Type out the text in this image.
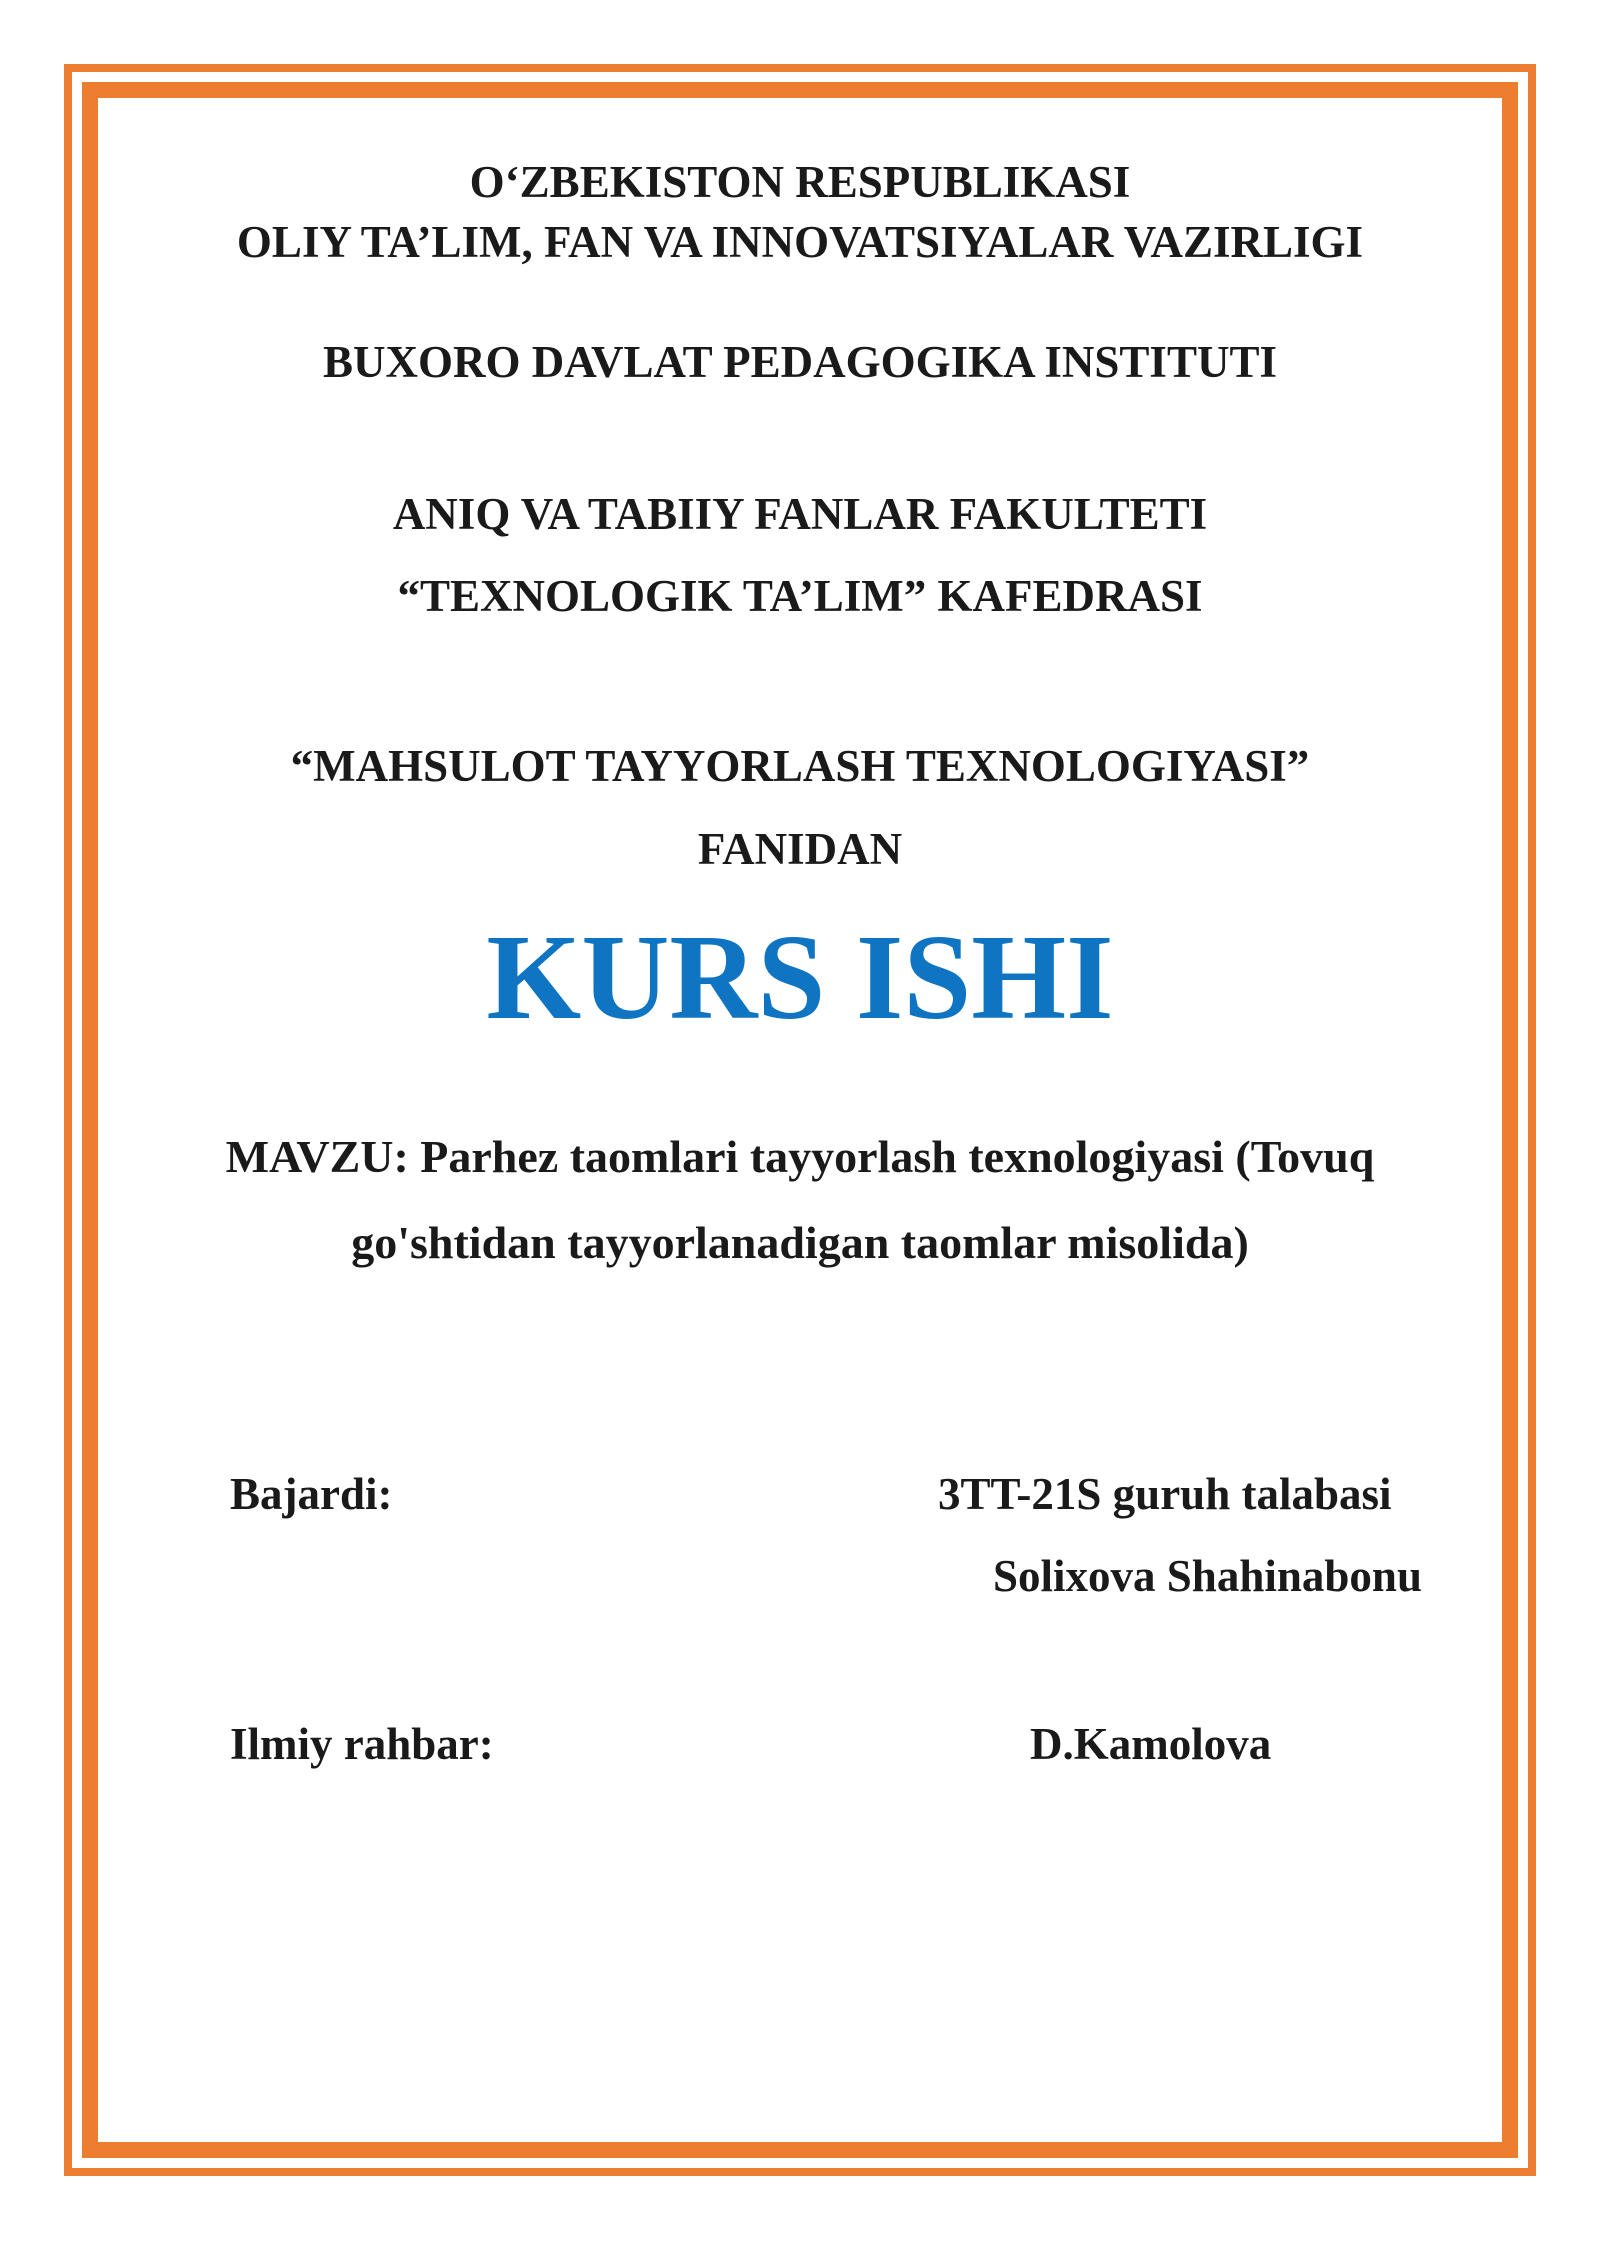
O‘ZBEKISTON RESPUBLIKASI
OLIY TA’LIM, FAN VA INNOVATSIYALAR VAZIRLIGI
BUXORO DAVLAT PEDAGOGIKA INSTITUTI
ANIQ VA TABIIY FANLAR FAKULTETI
“TEXNOLOGIK TA’LIM” KAFEDRASI
“MAHSULOT TAYYORLASH TEXNOLOGIYASI”
FANIDAN
KURS ISHI
MAVZU: Parhez taomlari tayyorlash texnologiyasi (Tovuq
go'shtidan tayyorlanadigan taomlar misolida)
Bajardi:	3TT-21S guruh talabasi
Solixova Shahinabonu
Ilmiy rahbar:	D.Kamolova
